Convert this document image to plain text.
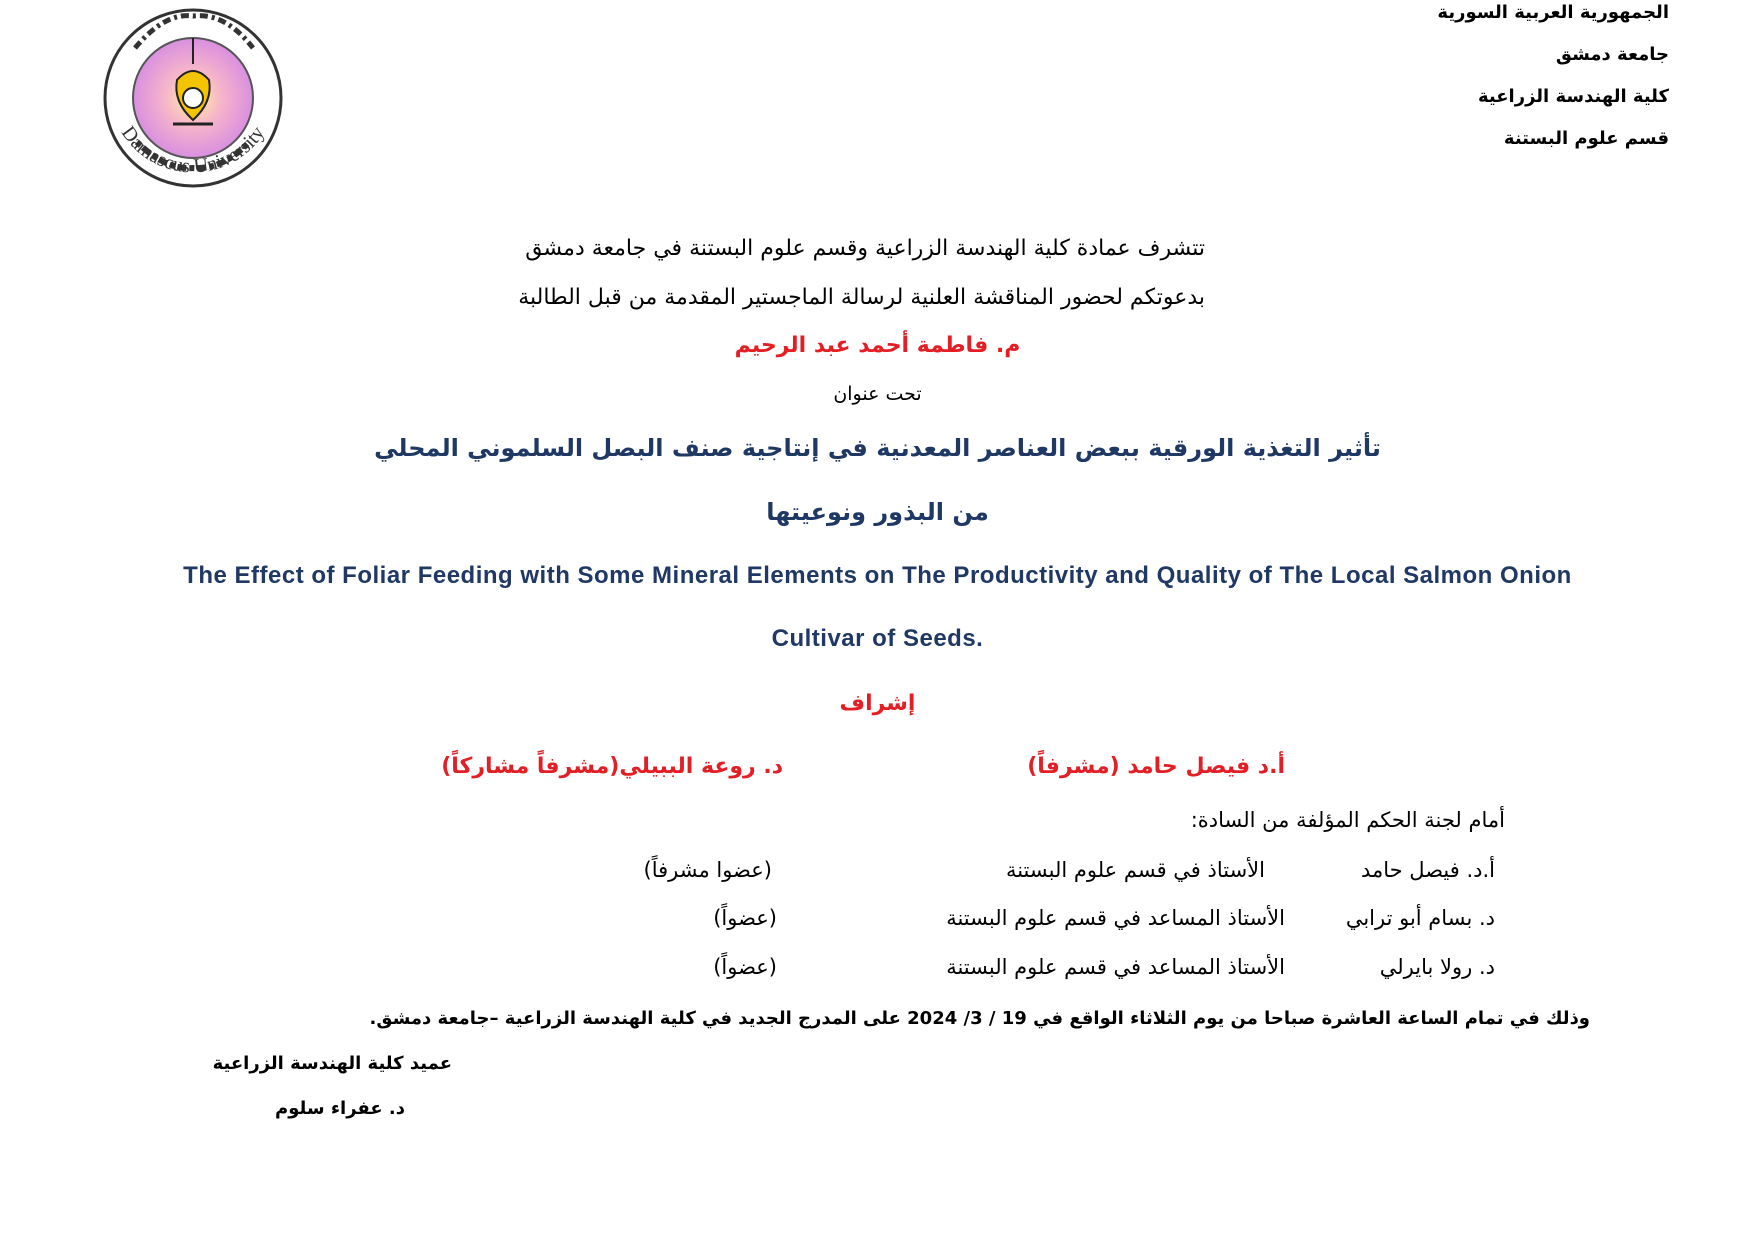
الجمهورية العربية السورية
جامعة دمشق
كلية الهندسة الزراعية
قسم علوم البستنة
Damascus University
تتشرف عمادة كلية الهندسة الزراعية وقسم علوم البستنة في جامعة دمشق
بدعوتكم لحضور المناقشة العلنية لرسالة الماجستير المقدمة من قبل الطالبة
م. فاطمة أحمد عبد الرحيم
تحت عنوان
تأثير التغذية الورقية ببعض العناصر المعدنية في إنتاجية صنف البصل السلموني المحلي
من البذور ونوعيتها
The Effect of Foliar Feeding with Some Mineral Elements on The Productivity and Quality of The Local Salmon Onion
Cultivar of Seeds.
إشراف
أ.د فيصل حامد (مشرفاً)
د. روعة الببيلي(مشرفاً مشاركاً)
أمام لجنة الحكم المؤلفة من السادة:
أ.د. فيصل حامد
الأستاذ في قسم علوم البستنة
(عضوا مشرفاً)
د. بسام أبو ترابي
الأستاذ المساعد في قسم علوم البستنة
(عضواً)
د. رولا بايرلي
الأستاذ المساعد في قسم علوم البستنة
(عضواً)
وذلك في تمام الساعة العاشرة صباحا من يوم الثلاثاء الواقع في 19 / 3/ 2024 على المدرج الجديد في كلية الهندسة الزراعية –جامعة دمشق.
عميد كلية الهندسة الزراعية
د. عفراء سلوم
